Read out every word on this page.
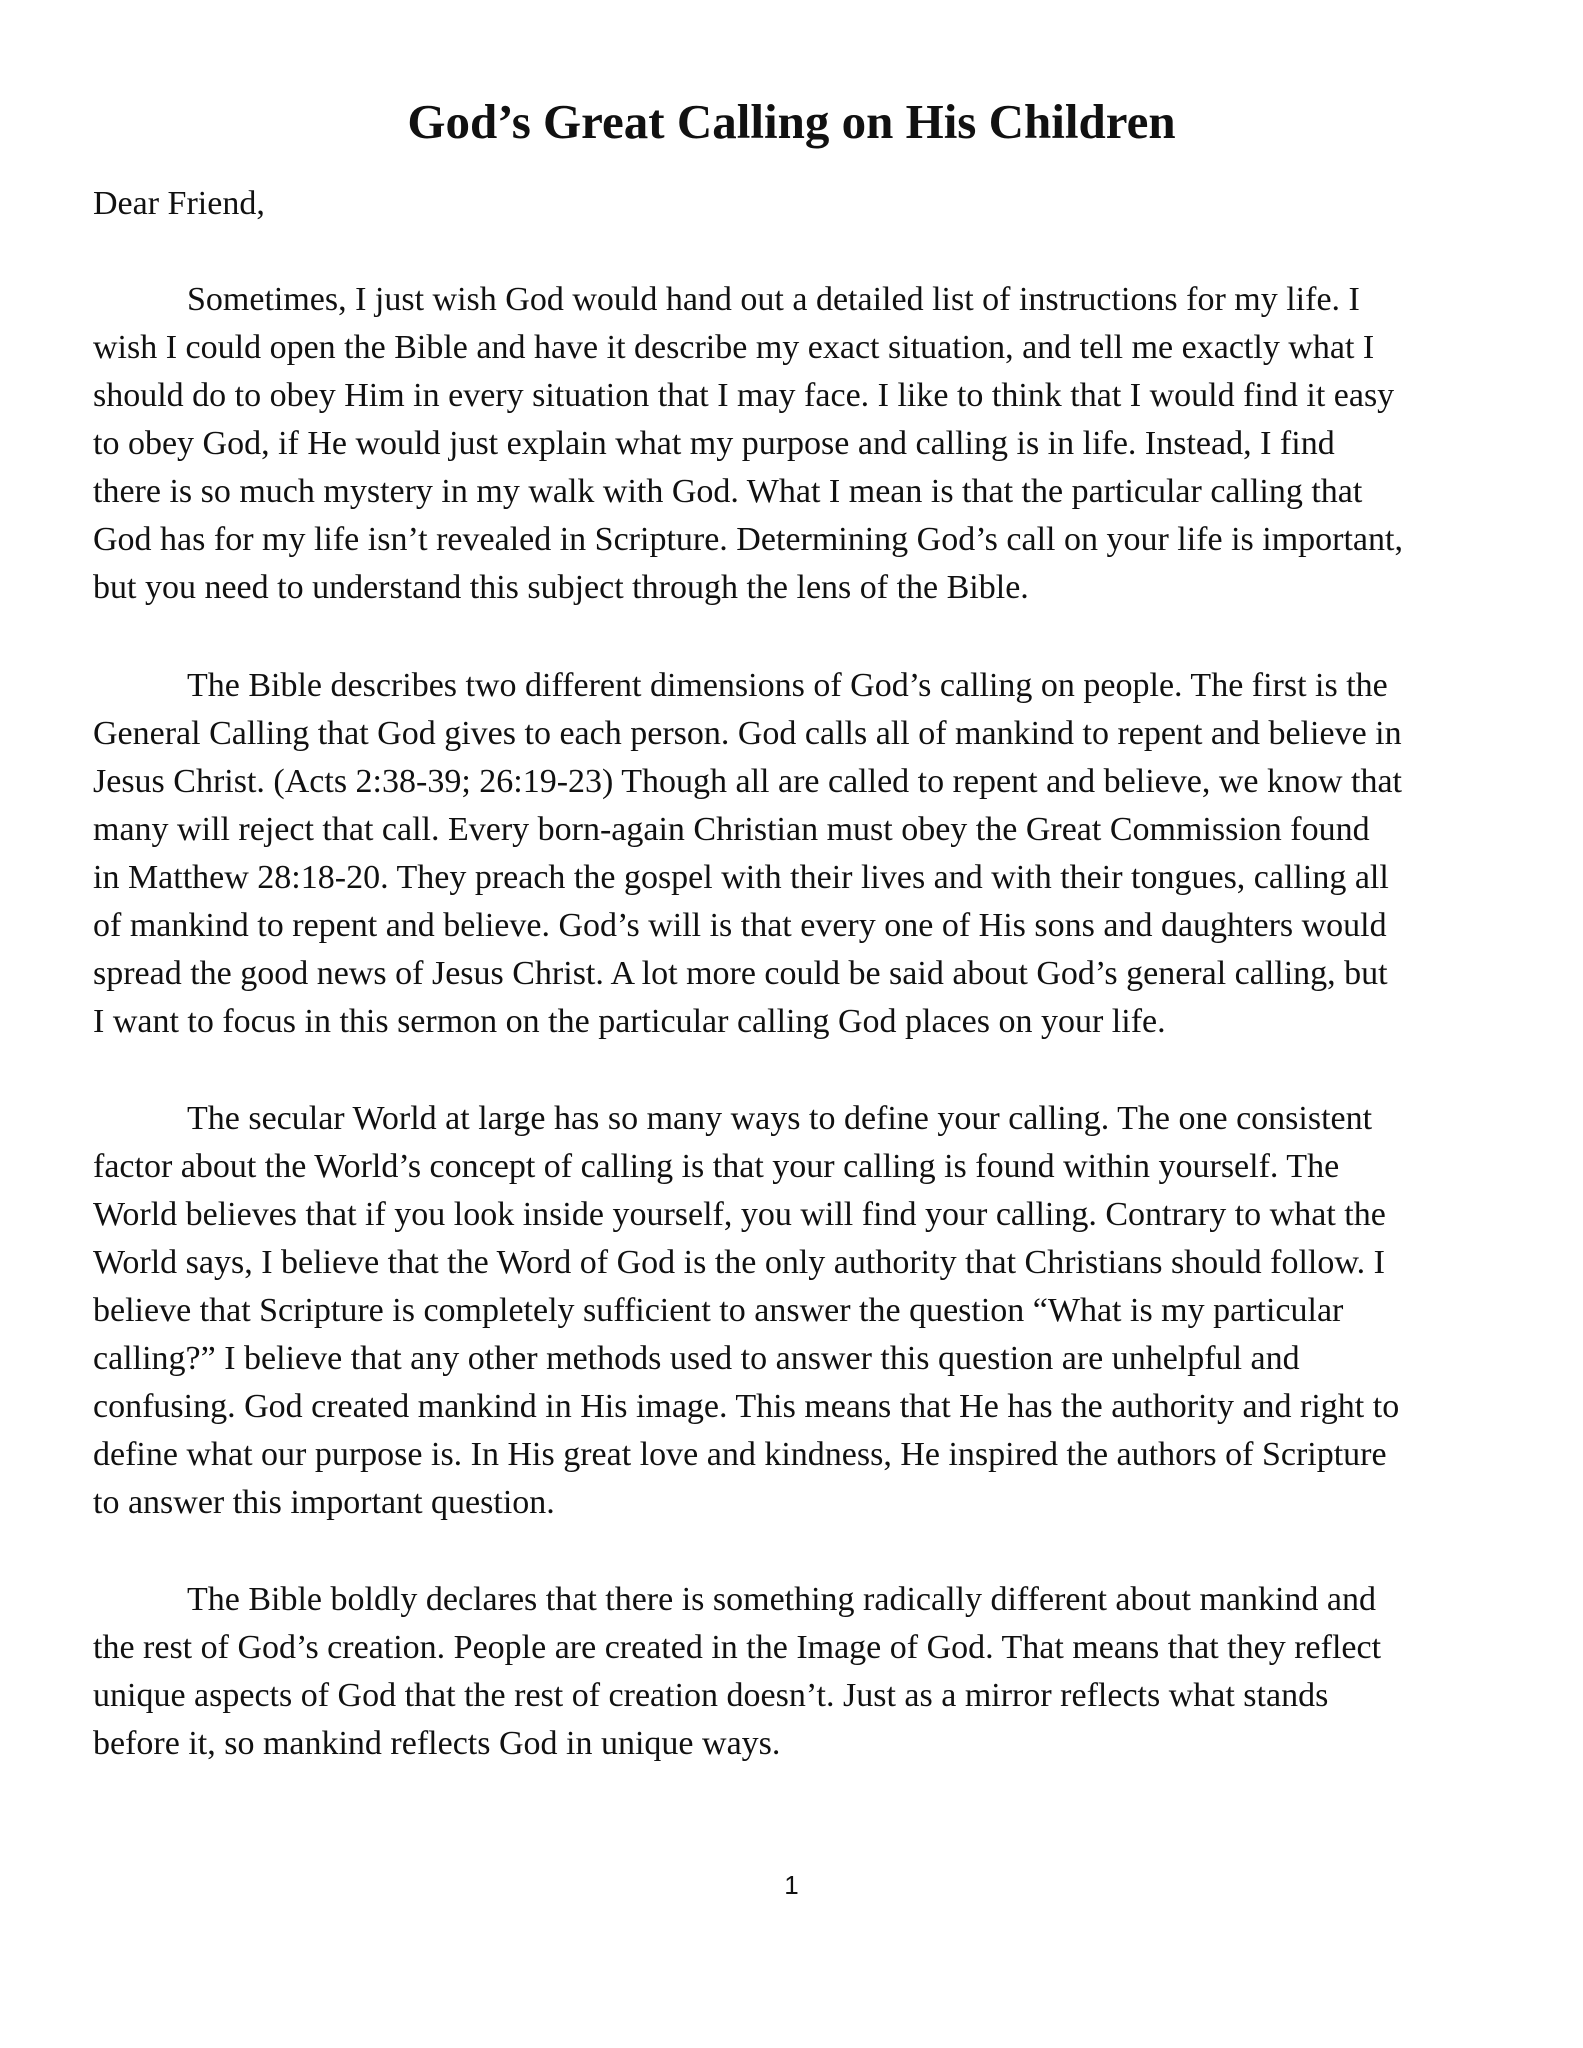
God’s Great Calling on His Children

Dear Friend,

Sometimes, I just wish God would hand out a detailed list of instructions for my life. I
wish I could open the Bible and have it describe my exact situation, and tell me exactly what I
should do to obey Him in every situation that I may face. I like to think that I would find it easy
to obey God, if He would just explain what my purpose and calling is in life. Instead, I find
there is so much mystery in my walk with God. What I mean is that the particular calling that
God has for my life isn’t revealed in Scripture. Determining God’s call on your life is important,
but you need to understand this subject through the lens of the Bible.

The Bible describes two different dimensions of God’s calling on people. The first is the
General Calling that God gives to each person. God calls all of mankind to repent and believe in
Jesus Christ. (Acts 2:38-39; 26:19-23) Though all are called to repent and believe, we know that
many will reject that call. Every born-again Christian must obey the Great Commission found
in Matthew 28:18-20. They preach the gospel with their lives and with their tongues, calling all
of mankind to repent and believe. God’s will is that every one of His sons and daughters would
spread the good news of Jesus Christ. A lot more could be said about God’s general calling, but
I want to focus in this sermon on the particular calling God places on your life.

The secular World at large has so many ways to define your calling. The one consistent
factor about the World’s concept of calling is that your calling is found within yourself. The
World believes that if you look inside yourself, you will find your calling. Contrary to what the
World says, I believe that the Word of God is the only authority that Christians should follow. I
believe that Scripture is completely sufficient to answer the question “What is my particular
calling?” I believe that any other methods used to answer this question are unhelpful and
confusing. God created mankind in His image. This means that He has the authority and right to
define what our purpose is. In His great love and kindness, He inspired the authors of Scripture
to answer this important question.

The Bible boldly declares that there is something radically different about mankind and
the rest of God’s creation. People are created in the Image of God. That means that they reflect
unique aspects of God that the rest of creation doesn’t. Just as a mirror reflects what stands
before it, so mankind reflects God in unique ways.

1
